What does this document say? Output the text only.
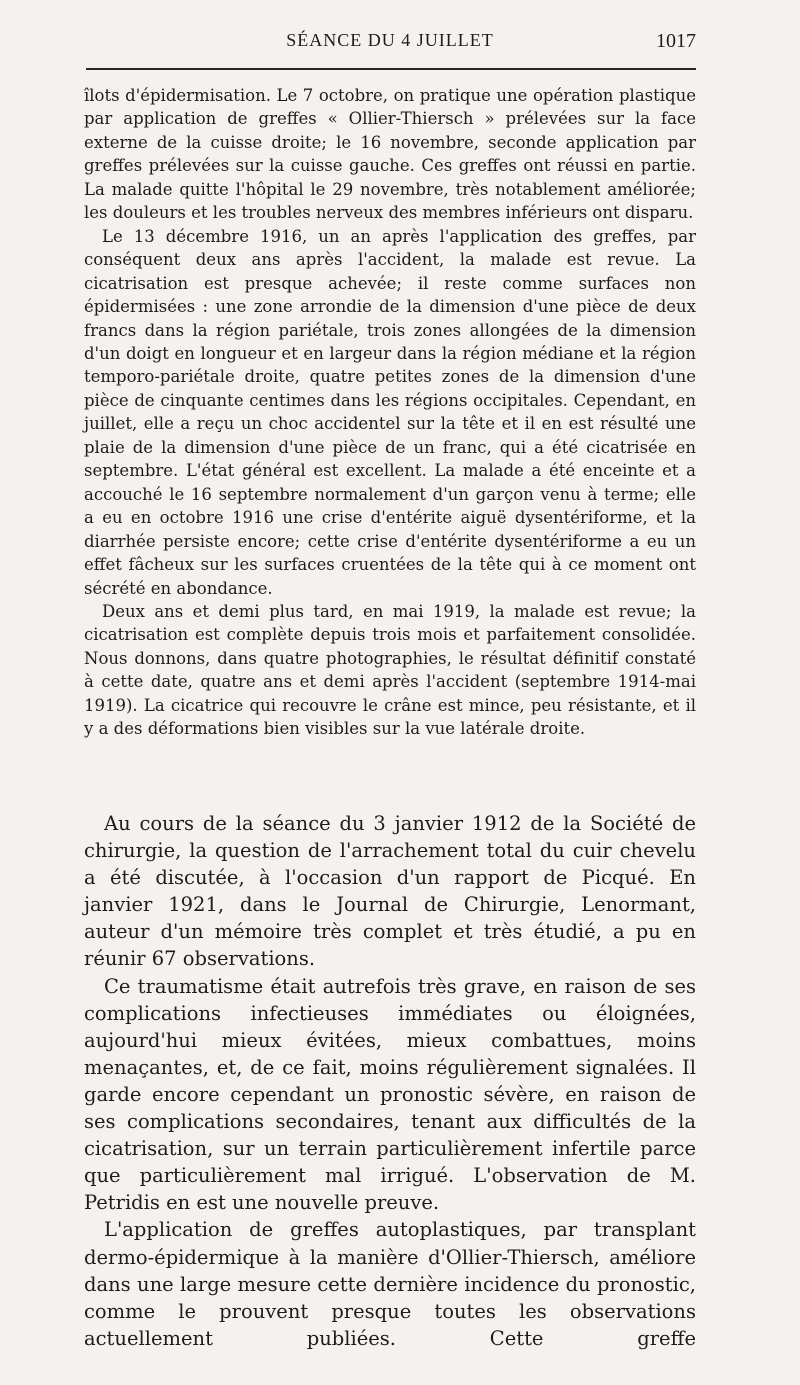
SÉANCE DU 4 JUILLET	1017

îlots d'épidermisation. Le 7 octobre, on pratique une opération plastique par application de greffes « Ollier-Thiersch » prélevées sur la face externe de la cuisse droite; le 16 novembre, seconde application par greffes prélevées sur la cuisse gauche. Ces greffes ont réussi en partie. La malade quitte l'hôpital le 29 novembre, très notablement améliorée; les douleurs et les troubles nerveux des membres inférieurs ont disparu.

Le 13 décembre 1916, un an après l'application des greffes, par conséquent deux ans après l'accident, la malade est revue. La cicatrisation est presque achevée; il reste comme surfaces non épidermisées : une zone arrondie de la dimension d'une pièce de deux francs dans la région pariétale, trois zones allongées de la dimension d'un doigt en longueur et en largeur dans la région médiane et la région temporo-pariétale droite, quatre petites zones de la dimension d'une pièce de cinquante centimes dans les régions occipitales. Cependant, en juillet, elle a reçu un choc accidentel sur la tête et il en est résulté une plaie de la dimension d'une pièce de un franc, qui a été cicatrisée en septembre. L'état général est excellent. La malade a été enceinte et a accouché le 16 septembre normalement d'un garçon venu à terme; elle a eu en octobre 1916 une crise d'entérite aiguë dysentériforme, et la diarrhée persiste encore; cette crise d'entérite dysentériforme a eu un effet fâcheux sur les surfaces cruentées de la tête qui à ce moment ont sécrété en abondance.

Deux ans et demi plus tard, en mai 1919, la malade est revue; la cicatrisation est complète depuis trois mois et parfaitement consolidée. Nous donnons, dans quatre photographies, le résultat définitif constaté à cette date, quatre ans et demi après l'accident (septembre 1914-mai 1919). La cicatrice qui recouvre le crâne est mince, peu résistante, et il y a des déformations bien visibles sur la vue latérale droite.

Au cours de la séance du 3 janvier 1912 de la Société de chirurgie, la question de l'arrachement total du cuir chevelu a été discutée, à l'occasion d'un rapport de Picqué. En janvier 1921, dans le Journal de Chirurgie, Lenormant, auteur d'un mémoire très complet et très étudié, a pu en réunir 67 observations.

Ce traumatisme était autrefois très grave, en raison de ses complications infectieuses immédiates ou éloignées, aujourd'hui mieux évitées, mieux combattues, moins menaçantes, et, de ce fait, moins régulièrement signalées. Il garde encore cependant un pronostic sévère, en raison de ses complications secondaires, tenant aux difficultés de la cicatrisation, sur un terrain particulièrement infertile parce que particulièrement mal irrigué. L'observation de M. Petridis en est une nouvelle preuve.

L'application de greffes autoplastiques, par transplant dermo-épidermique à la manière d'Ollier-Thiersch, améliore dans une large mesure cette dernière incidence du pronostic, comme le prouvent presque toutes les observations actuellement publiées. Cette greffe
